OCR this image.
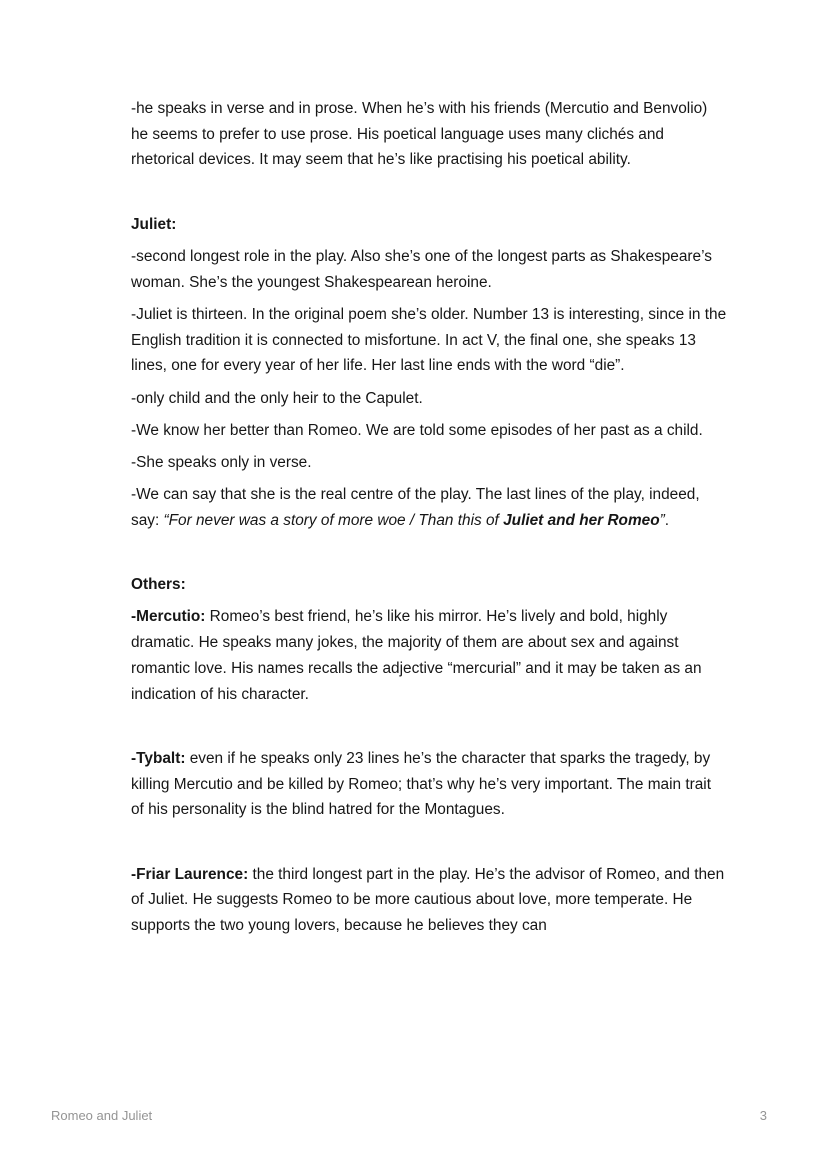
-he speaks in verse and in prose. When he’s with his friends (Mercutio and Benvolio) he seems to prefer to use prose. His poetical language uses many clichés and rhetorical devices. It may seem that he’s like practising his poetical ability.

Juliet:

-second longest role in the play. Also she’s one of the longest parts as Shakespeare’s woman. She’s the youngest Shakespearean heroine.

-Juliet is thirteen. In the original poem she’s older. Number 13 is interesting, since in the English tradition it is connected to misfortune. In act V, the final one, she speaks 13 lines, one for every year of her life. Her last line ends with the word “die”.

-only child and the only heir to the Capulet.

-We know her better than Romeo. We are told some episodes of her past as a child.

-She speaks only in verse.

-We can say that she is the real centre of the play. The last lines of the play, indeed, say: “For never was a story of more woe / Than this of Juliet and her Romeo”.

Others:

-Mercutio: Romeo’s best friend, he’s like his mirror. He’s lively and bold, highly dramatic. He speaks many jokes, the majority of them are about sex and against romantic love. His names recalls the adjective “mercurial” and it may be taken as an indication of his character.

-Tybalt: even if he speaks only 23 lines he’s the character that sparks the tragedy, by killing Mercutio and be killed by Romeo; that’s why he’s very important. The main trait of his personality is the blind hatred for the Montagues.

-Friar Laurence: the third longest part in the play. He’s the advisor of Romeo, and then of Juliet. He suggests Romeo to be more cautious about love, more temperate. He supports the two young lovers, because he believes they can

Romeo and Juliet	3
